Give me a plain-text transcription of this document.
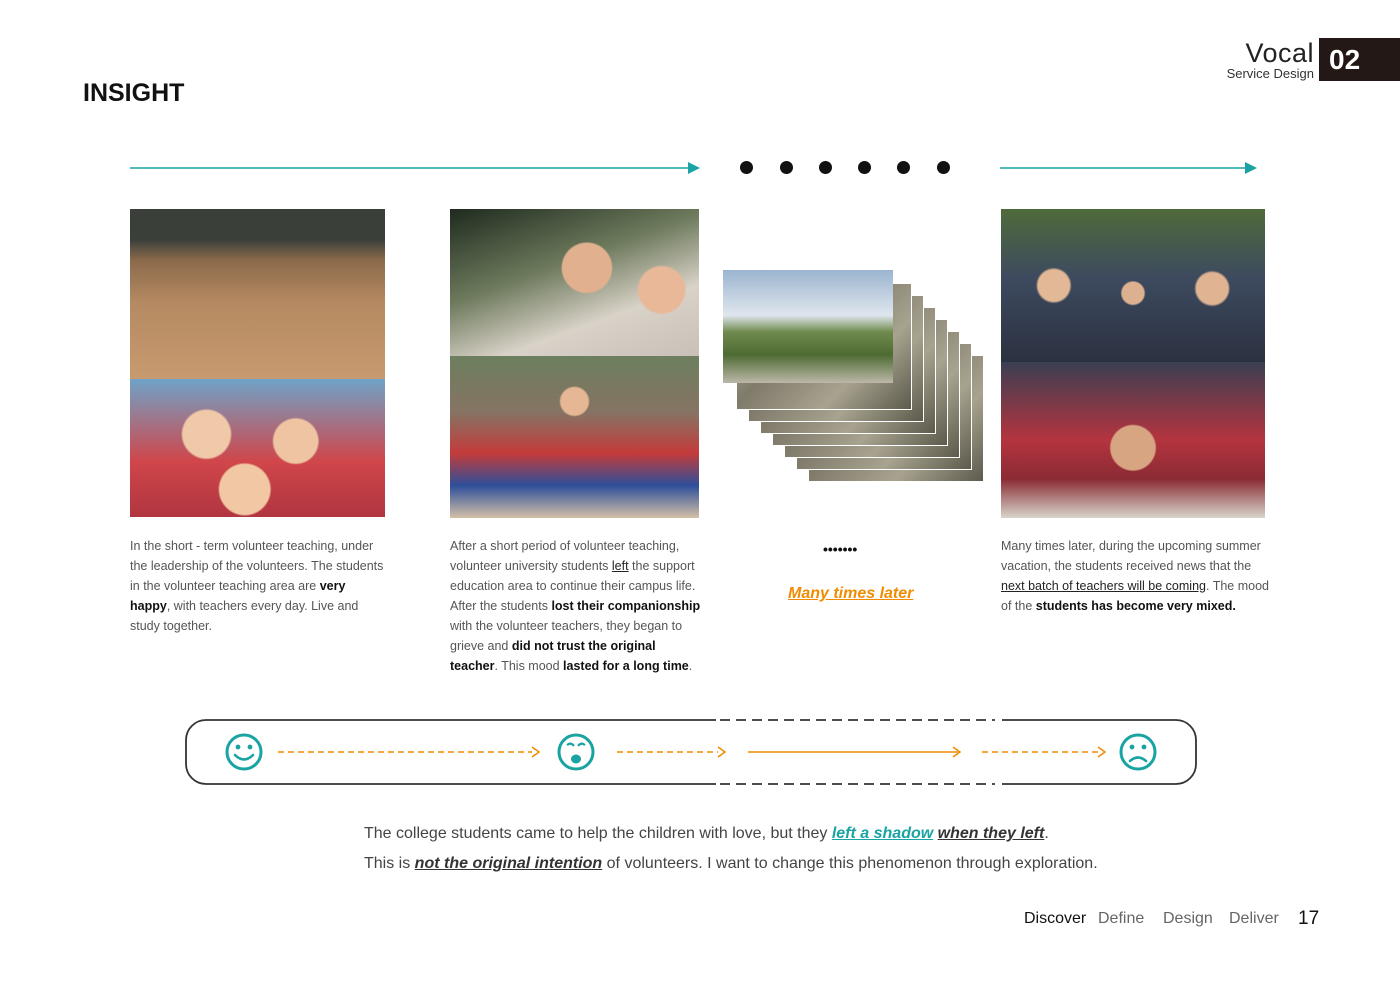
Vocal
Service Design 02
INSIGHT
In the short - term volunteer teaching, under the leadership of the volunteers. The students in the volunteer teaching area are very happy, with teachers every day. Live and study together.
After a short period of volunteer teaching, volunteer university students left the support education area to continue their campus life. After the students lost their companionship with the volunteer teachers, they began to grieve and did not trust the original teacher. This mood lasted for a long time.
•••••••
Many times later
Many times later, during the upcoming summer vacation, the students received news that the next batch of teachers will be coming. The mood of the students has become very mixed.
The college students came to help the children with love, but they left a shadow when they left.
This is not the original intention of volunteers. I want to change this phenomenon through exploration.
Discover Define Design Deliver 17
